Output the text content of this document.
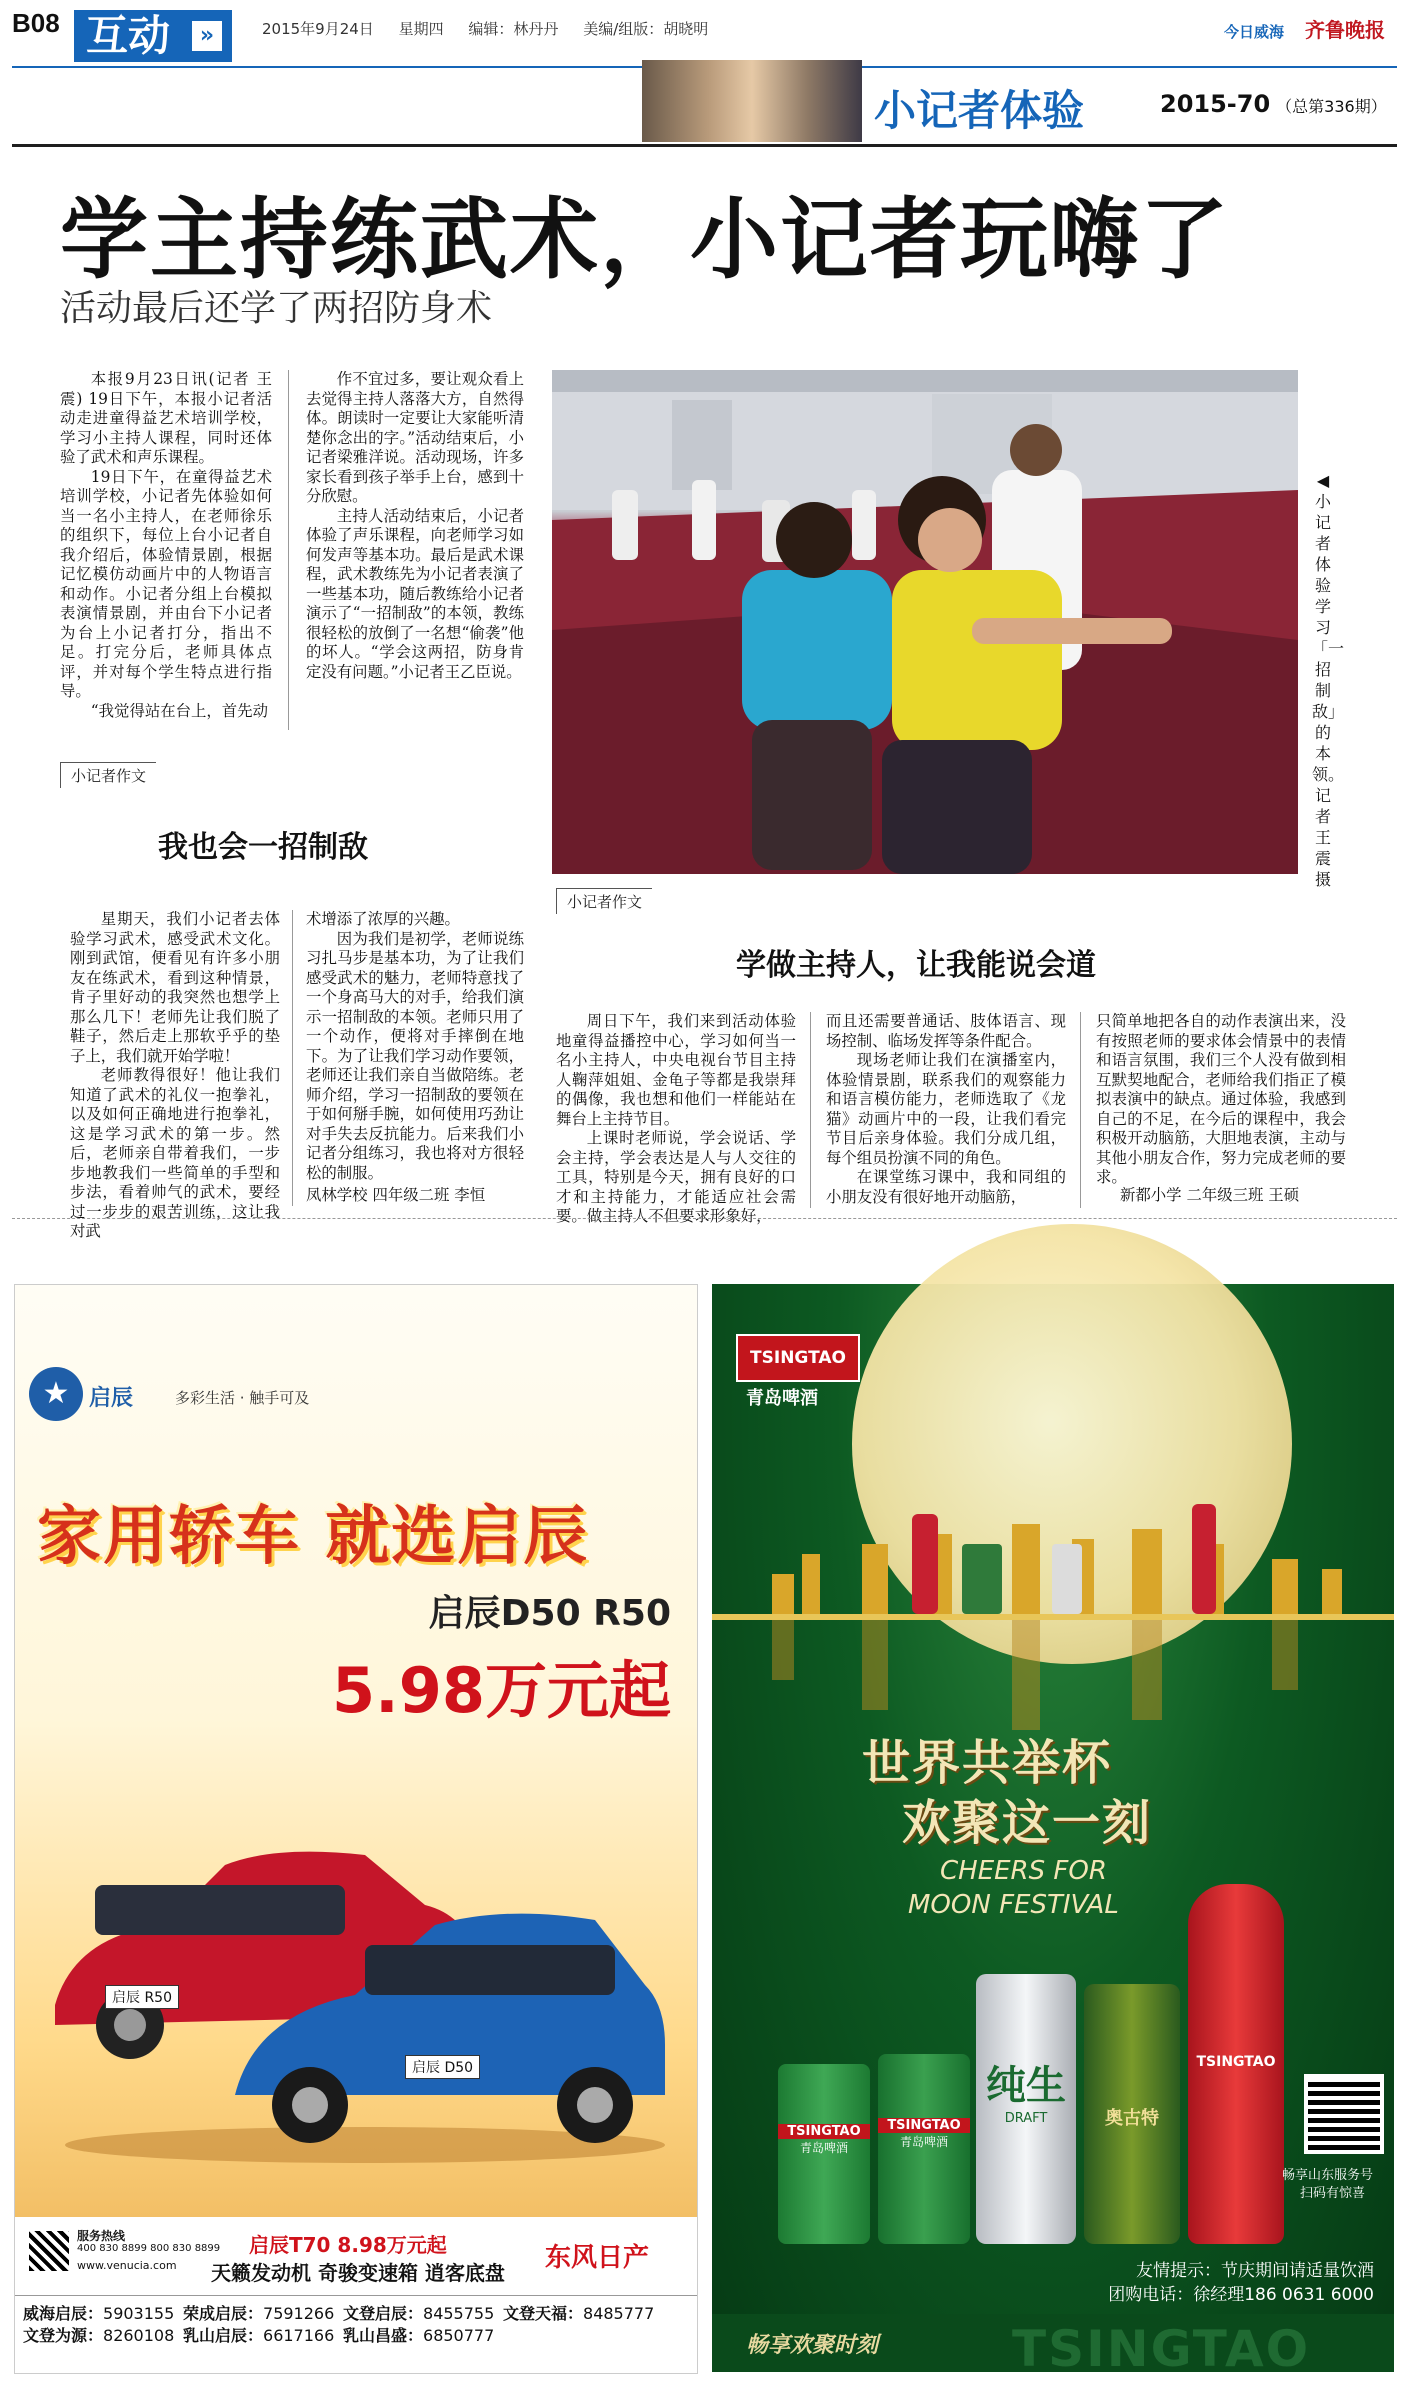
B08 互动	»	2015年9月24日 星期四 编辑：林丹丹 美编/组版：胡晓明	今日威海 齐鲁晚报
小记者体验	2015-70 （总第336期）
学主持练武术，小记者玩嗨了
活动最后还学了两招防身术

本报9月23日讯(记者 王震) 19日下午，本报小记者活动走进童得益艺术培训学校，学习小主持人课程，同时还体验了武术和声乐课程。

19日下午，在童得益艺术培训学校，小记者先体验如何当一名小主持人，在老师徐乐的组织下，每位上台小记者自我介绍后，体验情景剧，根据记忆模仿动画片中的人物语言和动作。小记者分组上台模拟表演情景剧，并由台下小记者为台上小记者打分，指出不足。打完分后，老师具体点评，并对每个学生特点进行指导。

“我觉得站在台上，首先动

作不宜过多，要让观众看上去觉得主持人落落大方，自然得体。朗读时一定要让大家能听清楚你念出的字。”活动结束后，小记者梁雅洋说。活动现场，许多家长看到孩子举手上台，感到十分欣慰。

主持人活动结束后，小记者体验了声乐课程，向老师学习如何发声等基本功。最后是武术课程，武术教练先为小记者表演了一些基本功，随后教练给小记者演示了“一招制敌”的本领，教练很轻松的放倒了一名想“偷袭”他的坏人。“学会这两招，防身肯定没有问题。”小记者王乙臣说。

◀小记者体验学习「一招制敌」的本领。 记者 王震 摄
小记者作文
我也会一招制敌

星期天，我们小记者去体验学习武术，感受武术文化。刚到武馆，便看见有许多小朋友在练武术，看到这种情景，肯子里好动的我突然也想学上那么几下！老师先让我们脱了鞋子，然后走上那软乎乎的垫子上，我们就开始学啦！

老师教得很好！他让我们知道了武术的礼仪一抱拳礼，以及如何正确地进行抱拳礼，这是学习武术的第一步。然后，老师亲自带着我们，一步步地教我们一些简单的手型和步法，看着帅气的武术，要经过一步步的艰苦训练，这让我对武

术增添了浓厚的兴趣。

因为我们是初学，老师说练习扎马步是基本功，为了让我们感受武术的魅力，老师特意找了一个身高马大的对手，给我们演示一招制敌的本领。老师只用了一个动作，便将对手摔倒在地下。为了让我们学习动作要领，老师还让我们亲自当做陪练。老师介绍，学习一招制敌的要领在于如何掰手腕，如何使用巧劲让对手失去反抗能力。后来我们小记者分组练习，我也将对方很轻松的制服。

凤林学校 四年级二班 李恒
小记者作文
学做主持人，让我能说会道

周日下午，我们来到活动体验地童得益播控中心，学习如何当一名小主持人，中央电视台节目主持人鞠萍姐姐、金龟子等都是我崇拜的偶像，我也想和他们一样能站在舞台上主持节目。

上课时老师说，学会说话、学会主持，学会表达是人与人交往的工具，特别是今天，拥有良好的口才和主持能力，才能适应社会需要。做主持人不但要求形象好，

而且还需要普通话、肢体语言、现场控制、临场发挥等条件配合。

现场老师让我们在演播室内，体验情景剧，联系我们的观察能力和语言模仿能力，老师选取了《龙猫》动画片中的一段，让我们看完节目后亲身体验。我们分成几组，每个组员扮演不同的角色。

在课堂练习课中，我和同组的小朋友没有很好地开动脑筋，

只简单地把各自的动作表演出来，没有按照老师的要求体会情景中的表情和语言氛围，我们三个人没有做到相互默契地配合，老师给我们指正了模拟表演中的缺点。通过体验，我感到自己的不足，在今后的课程中，我会积极开动脑筋，大胆地表演，主动与其他小朋友合作，努力完成老师的要求。

新都小学 二年级三班 王硕
★ 启辰	多彩生活 · 触手可及
家用轿车 就选启辰
启辰D50 R50
5.98万元起
启辰 R50
启辰 D50
服务热线
400 830 8899 800 830 8899
www.venucia.com
启辰T70 8.98万元起
天籁发动机 奇骏变速箱 逍客底盘 东风日产
威海启辰：5903155 荣成启辰：7591266 文登启辰：8455755 文登天福：8485777文登为源：8260108 乳山启辰：6617166 乳山昌盛：6850777
TSINGTAO
青岛啤酒
世界共举杯
欢聚这一刻
CHEERS FOR
MOON FESTIVAL
TSINGTAO
青岛啤酒
TSINGTAO
青岛啤酒
纯生
DRAFT	奥古特
TSINGTAO
畅享山东服务号
扫码有惊喜
友情提示：节庆期间请适量饮酒
团购电话：徐经理186 0631 6000
畅享欢聚时刻	TSINGTAO
